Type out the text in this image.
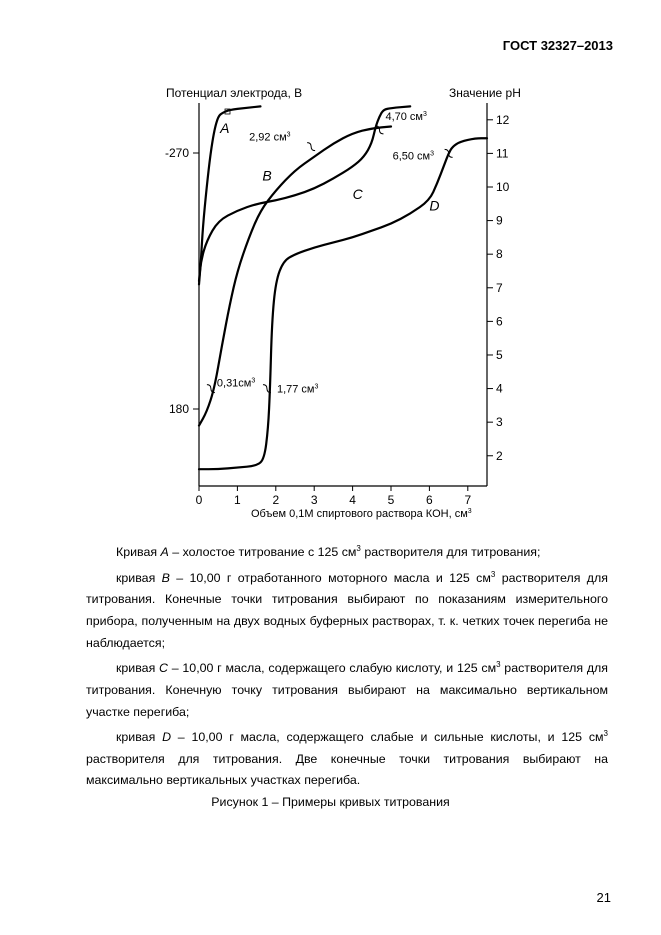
ГОСТ 32327–2013
Потенциал электрода, В	Значение pH
Объем 0,1М спиртового раствора КОН, $см^3$
-270
180
2
3
4
5
6
7
8
9
10
11
12
0	1	2	3	4	5	6	7
A
B
C
D
2,92 $см^3$
4,70 $см^3$
6,50 $см^3$
$0,31см^3$
1,77 $см^3$

Кривая А – холостое титрование с 125 $см^3$ растворителя для титрования;

кривая В – 10,00 г отработанного моторного масла и 125 $см^3$ растворителя для титрования. Конечные точки титрования выбирают по показаниям измерительного прибора, полученным на двух водных буферных растворах, т. к. четких точек перегиба не наблюдается;

кривая С – 10,00 г масла, содержащего слабую кислоту, и 125 $см^3$ растворителя для титрования. Конечную точку титрования выбирают на максимально вертикальном участке перегиба;

кривая D – 10,00 г масла, содержащего слабые и сильные кислоты, и 125 $см^3$ растворителя для титрования. Две конечные точки титрования выбирают на максимально вертикальных участках перегиба.

Рисунок 1 – Примеры кривых титрования
21
